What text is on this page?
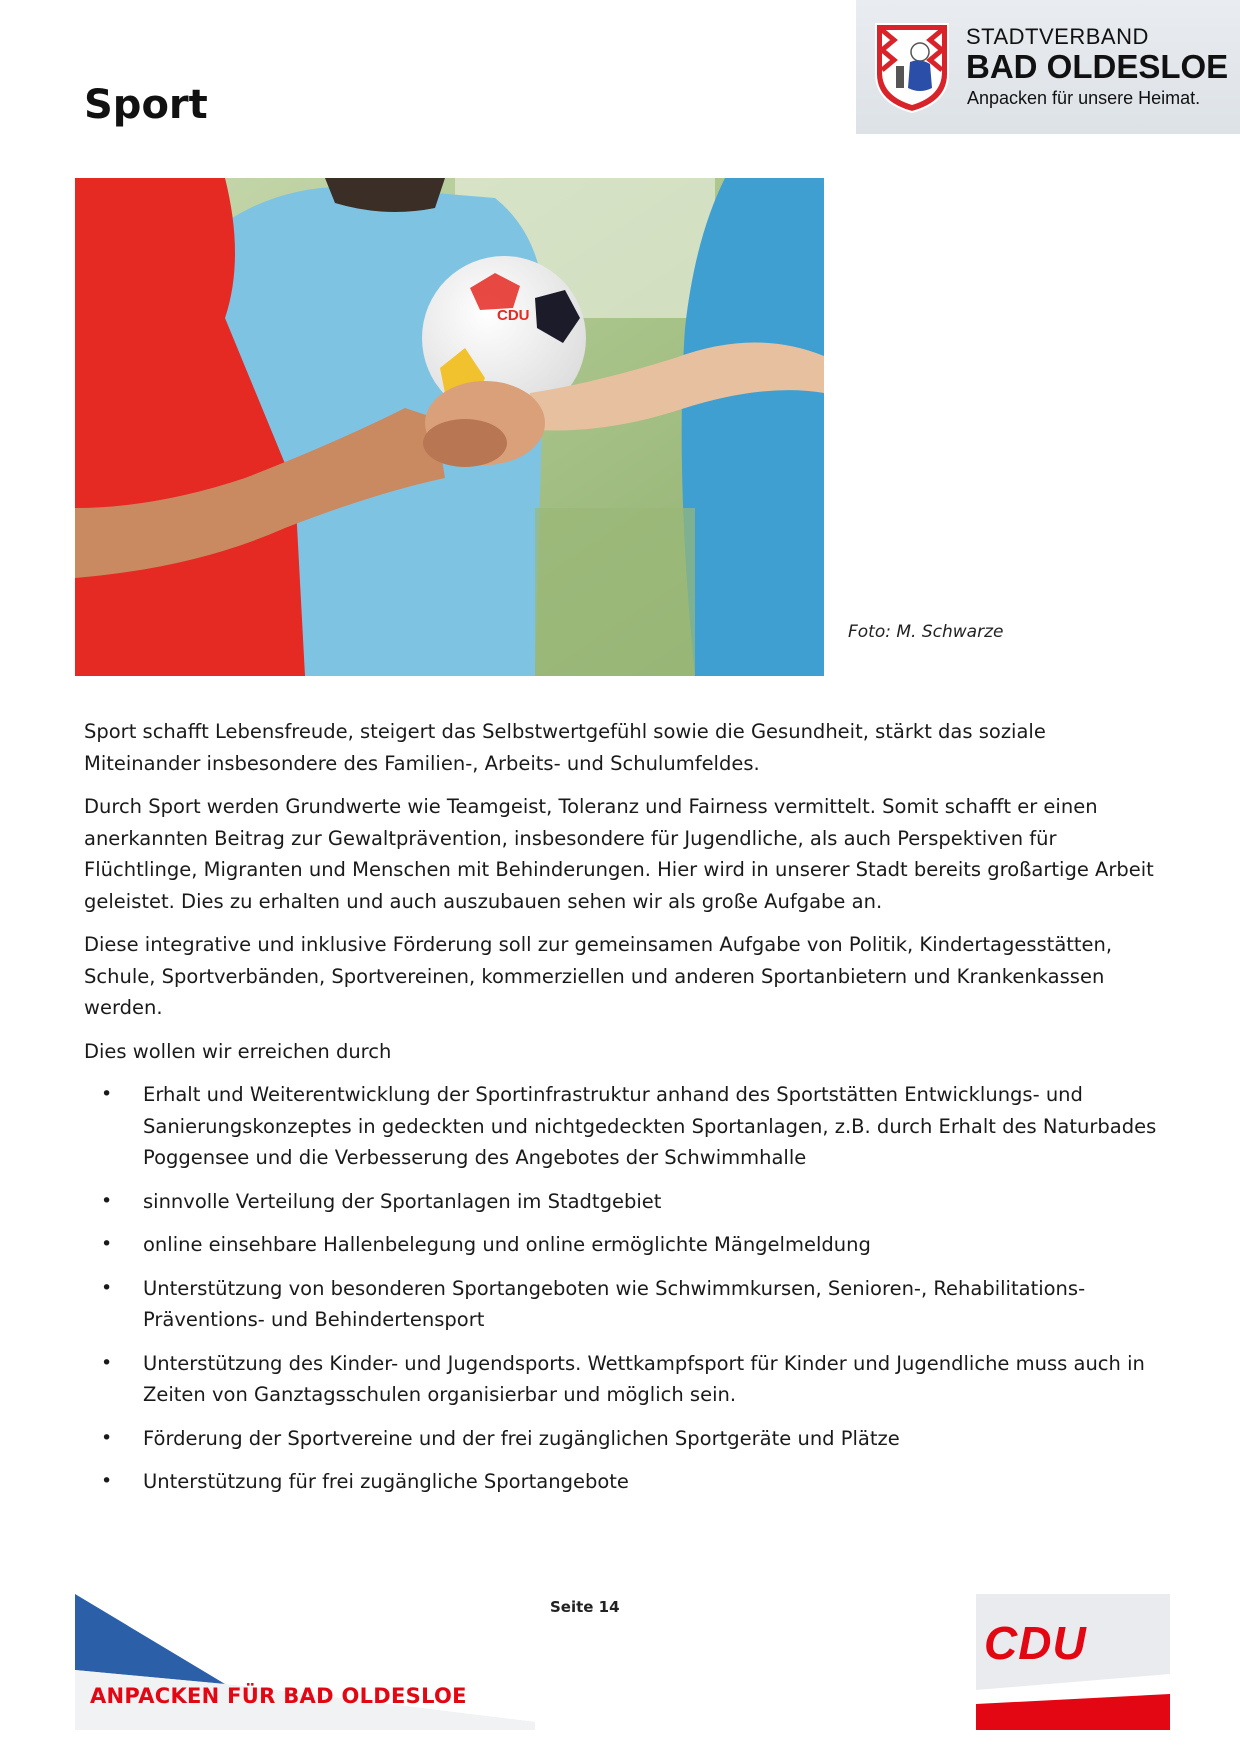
Sport
STADTVERBAND
BAD OLDESLOE
Anpacken für unsere Heimat.
CDU
Foto: M. Schwarze

Sport schafft Lebensfreude, steigert das Selbstwertgefühl sowie die Gesundheit, stärkt das soziale Miteinander insbesondere des Familien-, Arbeits- und Schulumfeldes.

Durch Sport werden Grundwerte wie Teamgeist, Toleranz und Fairness vermittelt. Somit schafft er einen anerkannten Beitrag zur Gewaltprävention, insbesondere für Jugendliche, als auch Perspektiven für Flüchtlinge, Migranten und Menschen mit Behinderungen. Hier wird in unserer Stadt bereits großartige Arbeit geleistet. Dies zu erhalten und auch auszubauen sehen wir als große Aufgabe an.

Diese integrative und inklusive Förderung soll zur gemeinsamen Aufgabe von Politik, Kindertagesstätten, Schule, Sportverbänden, Sportvereinen, kommerziellen und anderen Sportanbietern und Krankenkassen werden.

Dies wollen wir erreichen durch

• Erhalt und Weiterentwicklung der Sportinfrastruktur anhand des Sportstätten Entwicklungs- und Sanierungskonzeptes in gedeckten und nichtgedeckten Sportanlagen, z.B. durch Erhalt des Naturbades Poggensee und die Verbesserung des Angebotes der Schwimmhalle
• sinnvolle Verteilung der Sportanlagen im Stadtgebiet
• online einsehbare Hallenbelegung und online ermöglichte Mängelmeldung
• Unterstützung von besonderen Sportangeboten wie Schwimmkursen, Senioren-, Rehabilitations- Präventions- und Behindertensport
• Unterstützung des Kinder- und Jugendsports. Wettkampfsport für Kinder und Jugendliche muss auch in Zeiten von Ganztagsschulen organisierbar und möglich sein.
• Förderung der Sportvereine und der frei zugänglichen Sportgeräte und Plätze
• Unterstützung für frei zugängliche Sportangebote
ANPACKEN FÜR BAD OLDESLOE
Seite 14
CDU
